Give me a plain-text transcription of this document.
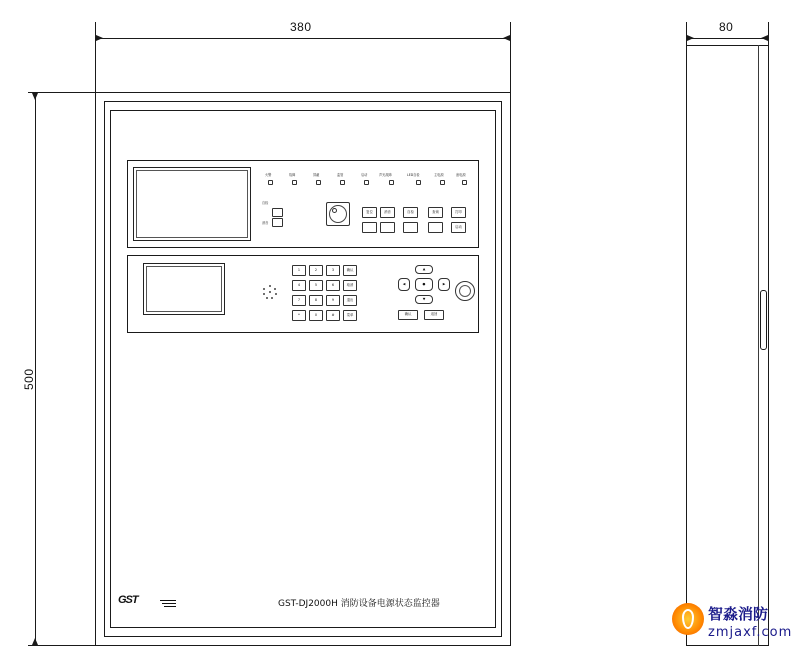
380	80
500
火警	故障	屏蔽	监管	启动	声光故障	LED自检	主电源	备电源
自检
消音
复位	消音	自检	查询	打印
启动
1	2	3	确认
4	5	6	取消
7	8	9	退出
*	0	#	菜单
▲
◀	●	▶
▼
确认	返回
GST	GST-DJ2000H 消防设备电源状态监控器
智淼消防
zmjaxf.com
